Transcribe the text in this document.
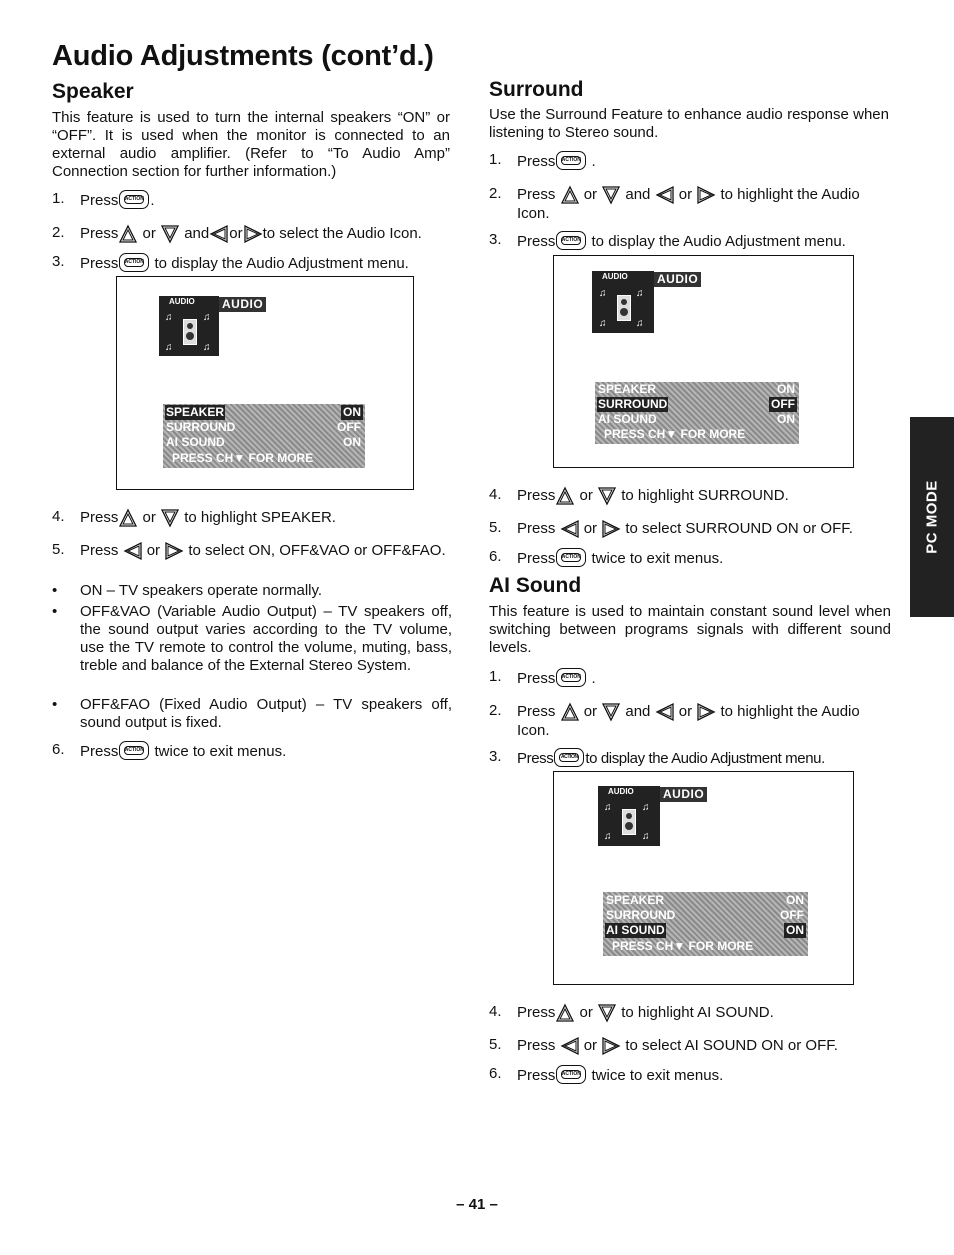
Audio Adjustments (cont’d.)
Speaker
This feature is used to turn the internal speakers “ON” or “OFF”. It is used when the monitor is connected to an external audio amplifier. (Refer to “To Audio Amp” Connection section for further information.)
1. Press	ACTION .
2. Press or and or to select the Audio Icon.
3. Press	ACTION to display the Audio Adjustment menu.
AUDIO AUDIO
♫	♫
♫	♫
SPEAKER	ON
SURROUND	OFF
AI SOUND	ON
PRESS CH▼ FOR MORE
4. Press or to highlight SPEAKER.
5. Press or to select ON, OFF&VAO or OFF&FAO.
• ON – TV speakers operate normally.
• OFF&VAO (Variable Audio Output) – TV speakers off, the sound output varies according to the TV volume, use the TV remote to control the volume, muting, bass, treble and balance of the External Stereo System.
• OFF&FAO (Fixed Audio Output) – TV speakers off, sound output is fixed.
6. Press	ACTION twice to exit menus.
Surround
Use the Surround Feature to enhance audio response when listening to Stereo sound.
1. Press	ACTION .
2. Press or and or to highlight the Audio Icon.
3. Press	ACTION to display the Audio Adjustment menu.
AUDIO AUDIO
♫	♫
♫	♫
SPEAKER	ON
SURROUND	OFF
AI SOUND	ON
PRESS CH▼ FOR MORE
4. Press or to highlight SURROUND.
5. Press or to select SURROUND ON or OFF.
6. Press	ACTION twice to exit menus.
AI Sound
This feature is used to maintain constant sound level when switching between programs signals with different sound levels.
1. Press	ACTION .
2. Press or and or to highlight the Audio Icon.
3. Press	ACTION to display the Audio Adjustment menu.
AUDIO AUDIO
♫	♫
♫	♫
SPEAKER	ON
SURROUND	OFF
AI SOUND	ON
PRESS CH▼ FOR MORE
4. Press or to highlight AI SOUND.
5. Press or to select AI SOUND ON or OFF.
6. Press	ACTION twice to exit menus.
PC MODE
– 41 –
